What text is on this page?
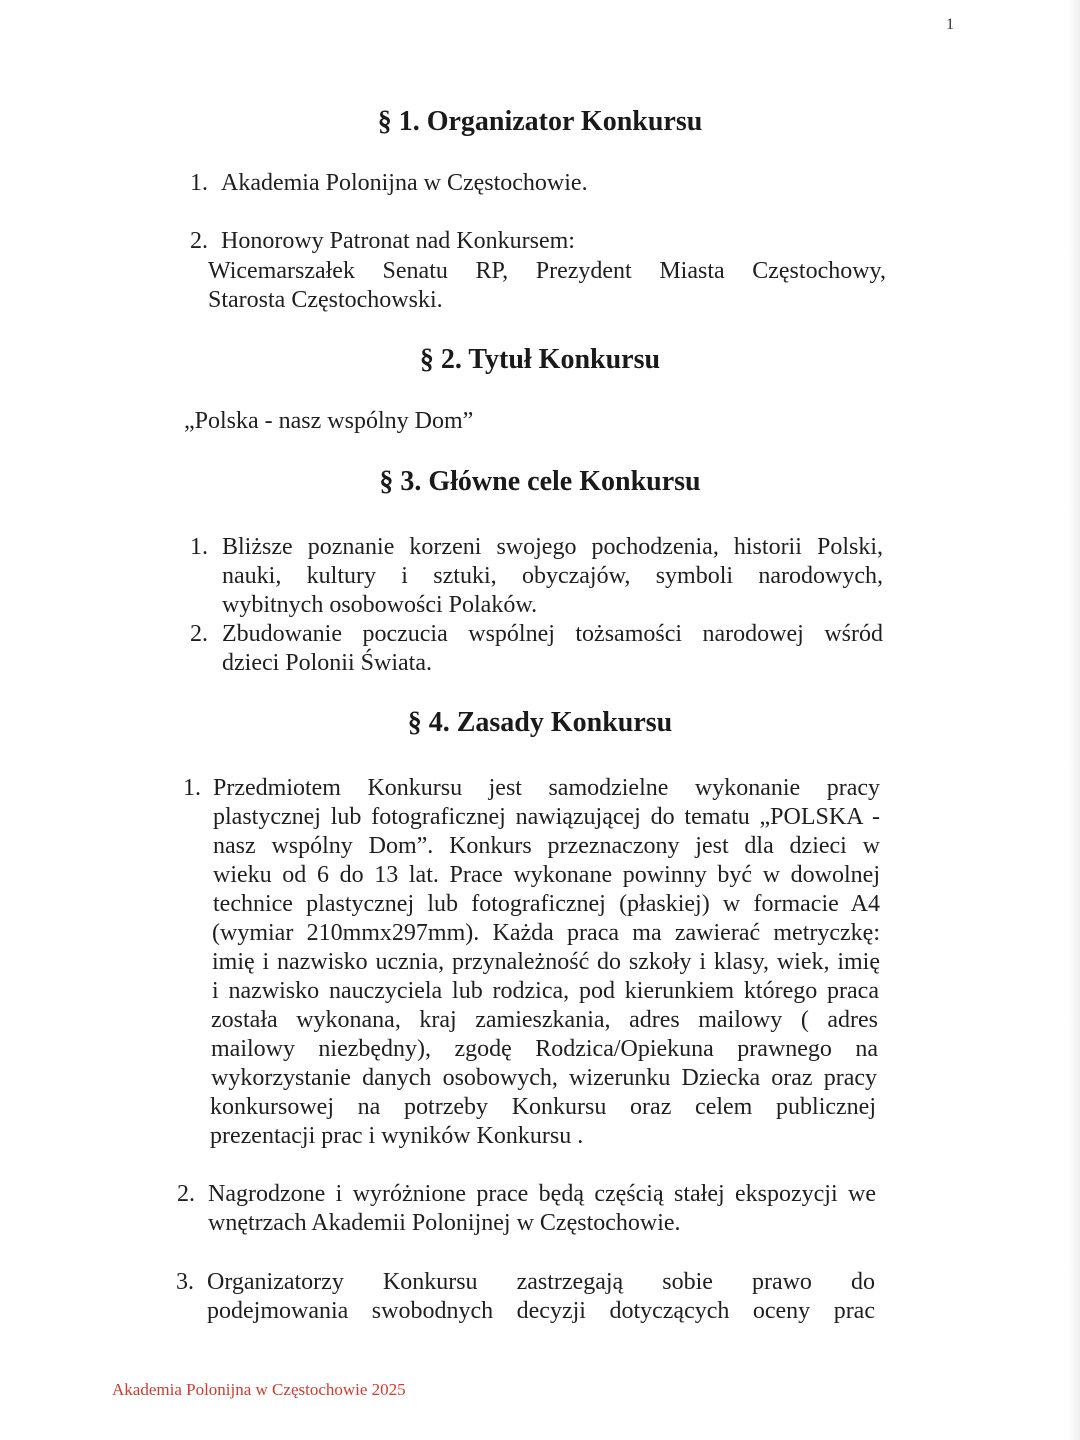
1
§ 1. Organizator Konkursu
1. Akademia Polonijna w Częstochowie.
2. Honorowy Patronat nad Konkursem:
Wicemarszałek Senatu RP, Prezydent Miasta Częstochowy,
Starosta Częstochowski.
§ 2. Tytuł Konkursu
„Polska - nasz wspólny Dom”
§ 3. Główne cele Konkursu
1. Bliższe poznanie korzeni swojego pochodzenia, historii Polski,
nauki, kultury i sztuki, obyczajów, symboli narodowych,
wybitnych osobowości Polaków.
2. Zbudowanie poczucia wspólnej tożsamości narodowej wśród
dzieci Polonii Świata.
§ 4. Zasady Konkursu
1. Przedmiotem Konkursu jest samodzielne wykonanie pracy
plastycznej lub fotograficznej nawiązującej do tematu „POLSKA -
nasz wspólny Dom”. Konkurs przeznaczony jest dla dzieci w
wieku od 6 do 13 lat. Prace wykonane powinny być w dowolnej
technice plastycznej lub fotograficznej (płaskiej) w formacie A4
(wymiar 210mmx297mm). Każda praca ma zawierać metryczkę:
imię i nazwisko ucznia, przynależność do szkoły i klasy, wiek, imię
i nazwisko nauczyciela lub rodzica, pod kierunkiem którego praca
została wykonana, kraj zamieszkania, adres mailowy ( adres
mailowy niezbędny), zgodę Rodzica/Opiekuna prawnego na
wykorzystanie danych osobowych, wizerunku Dziecka oraz pracy
konkursowej na potrzeby Konkursu oraz celem publicznej
prezentacji prac i wyników Konkursu .
2. Nagrodzone i wyróżnione prace będą częścią stałej ekspozycji we
wnętrzach Akademii Polonijnej w Częstochowie.
3. Organizatorzy Konkursu zastrzegają sobie prawo do
podejmowania swobodnych decyzji dotyczących oceny prac
Akademia Polonijna w Częstochowie 2025
